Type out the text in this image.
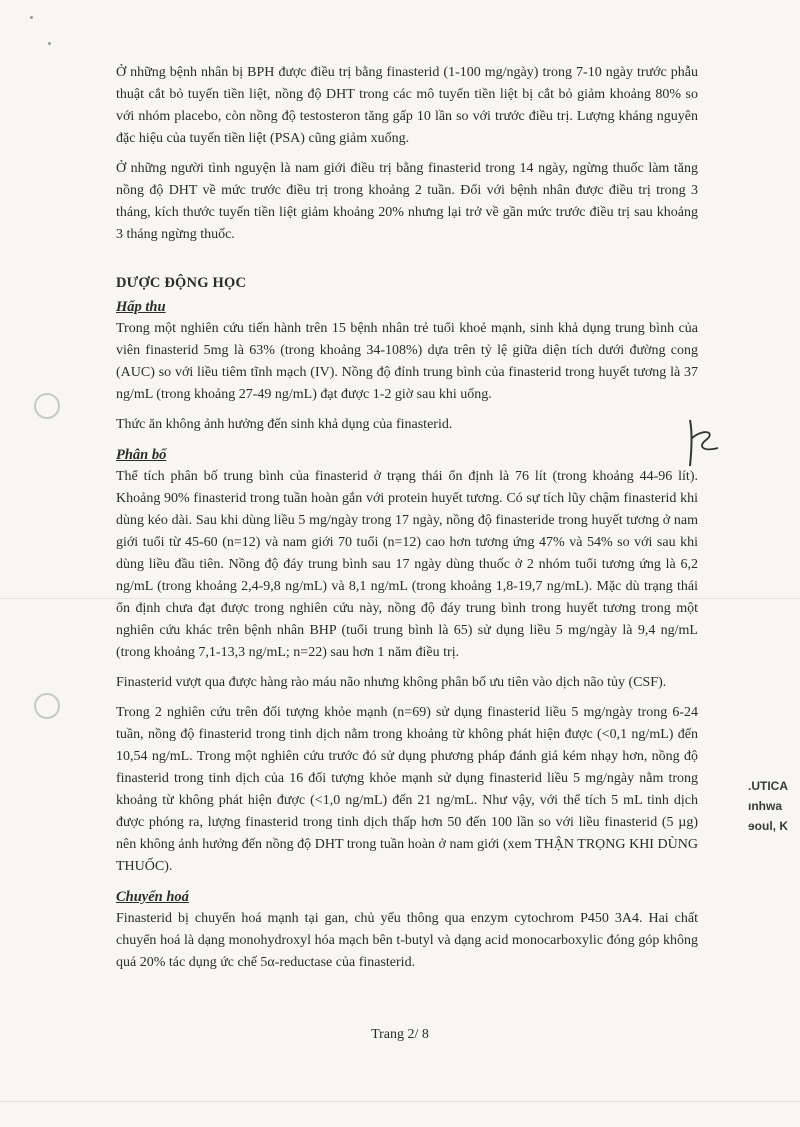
Ở những bệnh nhân bị BPH được điều trị bằng finasterid (1-100 mg/ngày) trong 7-10 ngày trước phẫu thuật cắt bỏ tuyến tiền liệt, nồng độ DHT trong các mô tuyến tiền liệt bị cắt bỏ giảm khoảng 80% so với nhóm placebo, còn nồng độ testosteron tăng gấp 10 lần so với trước điều trị. Lượng kháng nguyên đặc hiệu của tuyến tiền liệt (PSA) cũng giảm xuống.

Ở những người tình nguyện là nam giới điều trị bằng finasterid trong 14 ngày, ngừng thuốc làm tăng nồng độ DHT về mức trước điều trị trong khoảng 2 tuần. Đối với bệnh nhân được điều trị trong 3 tháng, kích thước tuyến tiền liệt giảm khoảng 20% nhưng lại trở về gần mức trước điều trị sau khoảng 3 tháng ngừng thuốc.

DƯỢC ĐỘNG HỌC
Hấp thu

Trong một nghiên cứu tiến hành trên 15 bệnh nhân trẻ tuổi khoẻ mạnh, sinh khả dụng trung bình của viên finasterid 5mg là 63% (trong khoảng 34-108%) dựa trên tỷ lệ giữa diện tích dưới đường cong (AUC) so với liều tiêm tĩnh mạch (IV). Nồng độ đỉnh trung bình của finasterid trong huyết tương là 37 ng/mL (trong khoảng 27-49 ng/mL) đạt được 1-2 giờ sau khi uống.

Thức ăn không ảnh hưởng đến sinh khả dụng của finasterid.

Phân bố

Thể tích phân bố trung bình của finasterid ở trạng thái ổn định là 76 lít (trong khoảng 44-96 lít). Khoảng 90% finasterid trong tuần hoàn gắn với protein huyết tương. Có sự tích lũy chậm finasterid khi dùng kéo dài. Sau khi dùng liều 5 mg/ngày trong 17 ngày, nồng độ finasteride trong huyết tương ở nam giới tuổi từ 45-60 (n=12) và nam giới 70 tuổi (n=12) cao hơn tương ứng 47% và 54% so với sau khi dùng liều đầu tiên. Nồng độ đáy trung bình sau 17 ngày dùng thuốc ở 2 nhóm tuổi tương ứng là 6,2 ng/mL (trong khoảng 2,4-9,8 ng/mL) và 8,1 ng/mL (trong khoảng 1,8-19,7 ng/mL). Mặc dù trạng thái ổn định chưa đạt được trong nghiên cứu này, nồng độ đáy trung bình trong huyết tương trong một nghiên cứu khác trên bệnh nhân BHP (tuổi trung bình là 65) sử dụng liều 5 mg/ngày là 9,4 ng/mL (trong khoảng 7,1-13,3 ng/mL; n=22) sau hơn 1 năm điều trị.

Finasterid vượt qua được hàng rào máu não nhưng không phân bố ưu tiên vào dịch não tủy (CSF).

Trong 2 nghiên cứu trên đối tượng khỏe mạnh (n=69) sử dụng finasterid liều 5 mg/ngày trong 6-24 tuần, nồng độ finasterid trong tinh dịch nằm trong khoảng từ không phát hiện được (<0,1 ng/mL) đến 10,54 ng/mL. Trong một nghiên cứu trước đó sử dụng phương pháp đánh giá kém nhạy hơn, nồng độ finasterid trong tinh dịch của 16 đối tượng khỏe mạnh sử dụng finasterid liều 5 mg/ngày nằm trong khoảng từ không phát hiện được (<1,0 ng/mL) đến 21 ng/mL. Như vậy, với thể tích 5 mL tinh dịch được phóng ra, lượng finasterid trong tinh dịch thấp hơn 50 đến 100 lần so với liều finasterid (5 µg) nên không ảnh hưởng đến nồng độ DHT trong tuần hoàn ở nam giới (xem THẬN TRỌNG KHI DÙNG THUỐC).

Chuyển hoá

Finasterid bị chuyển hoá mạnh tại gan, chủ yếu thông qua enzym cytochrom P450 3A4. Hai chất chuyển hoá là dạng monohydroxyl hóa mạch bên t-butyl và dạng acid monocarboxylic đóng góp không quá 20% tác dụng ức chế 5α-reductase của finasterid.

.UTICA
ınhwa
ɘoul, K
Trang 2/ 8
